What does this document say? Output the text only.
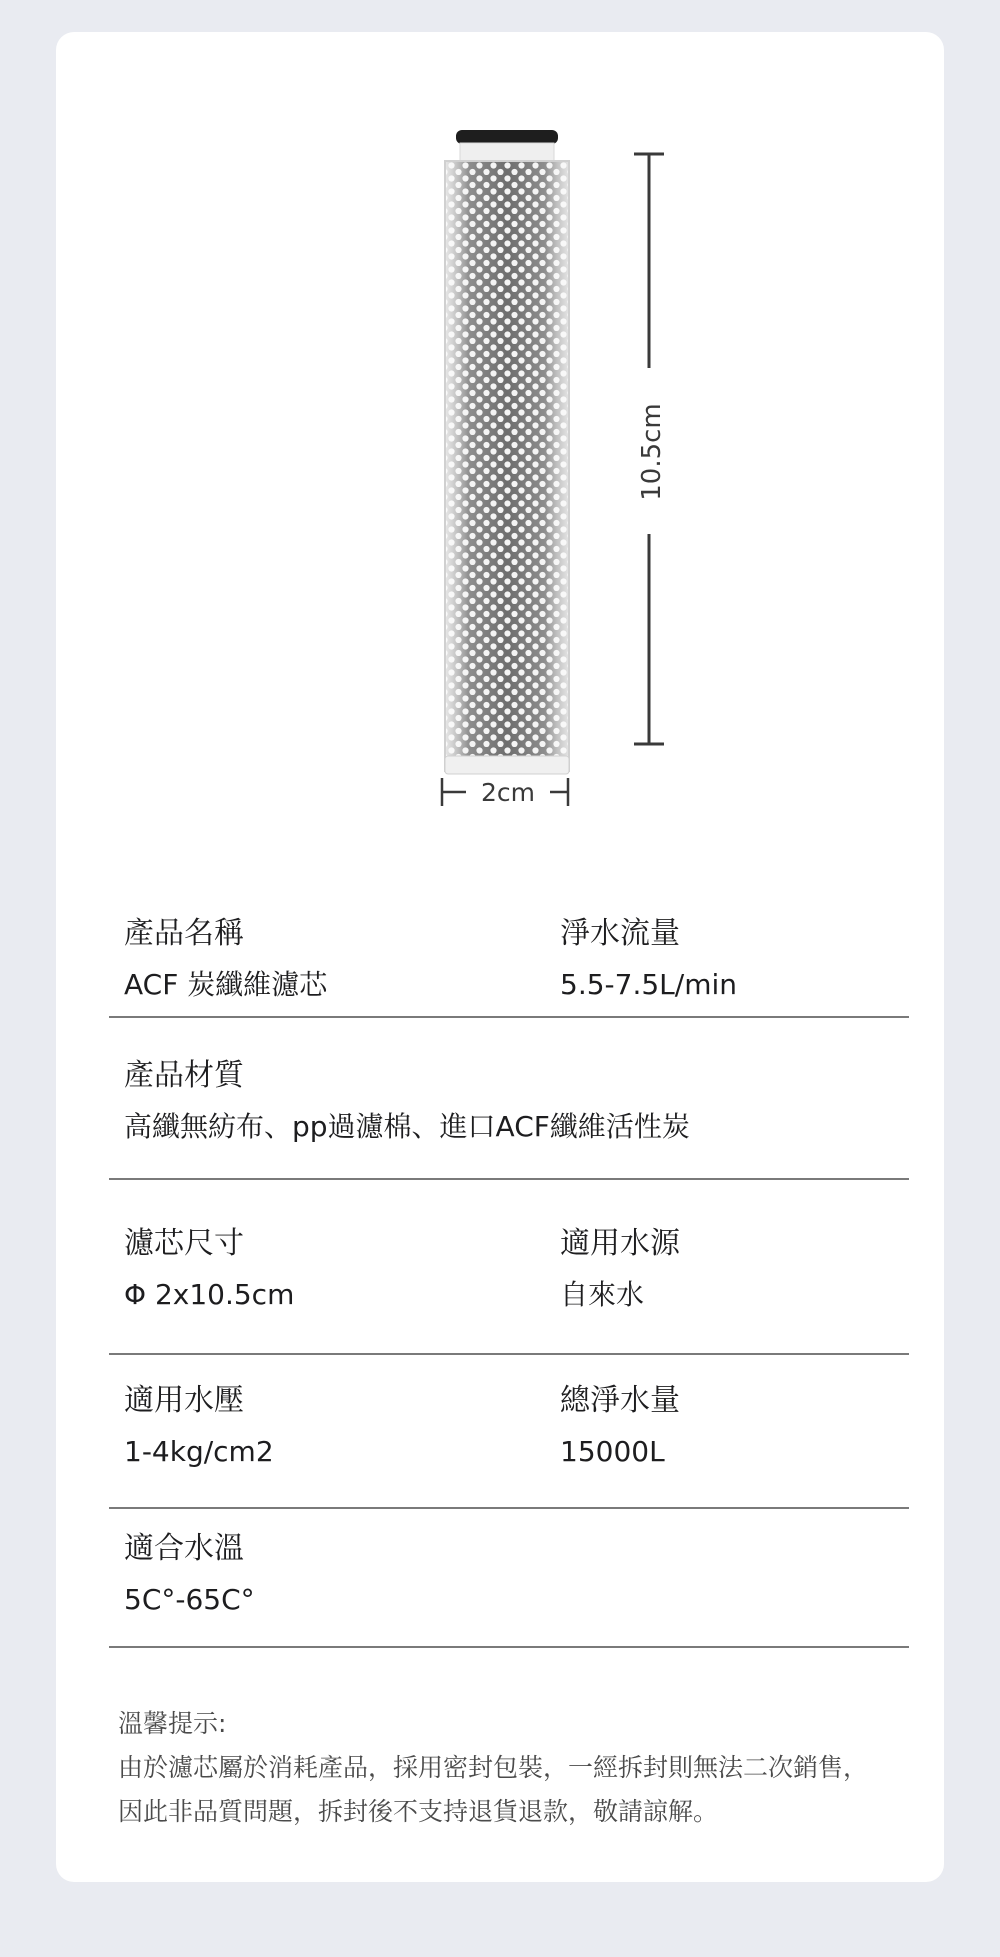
10.5cm
2cm
產品名稱
ACF 炭纖維濾芯
淨水流量
5.5-7.5L/min
產品材質
高纖無紡布、pp過濾棉、進口ACF纖維活性炭
濾芯尺寸
Φ 2x10.5cm
適用水源
自來水
適用水壓
1-4kg/cm2
總淨水量
15000L
適合水溫
5C°-65C°

溫馨提示:

由於濾芯屬於消耗產品，採用密封包裝，一經拆封則無法二次銷售，因此非品質問題，拆封後不支持退貨退款，敬請諒解。
